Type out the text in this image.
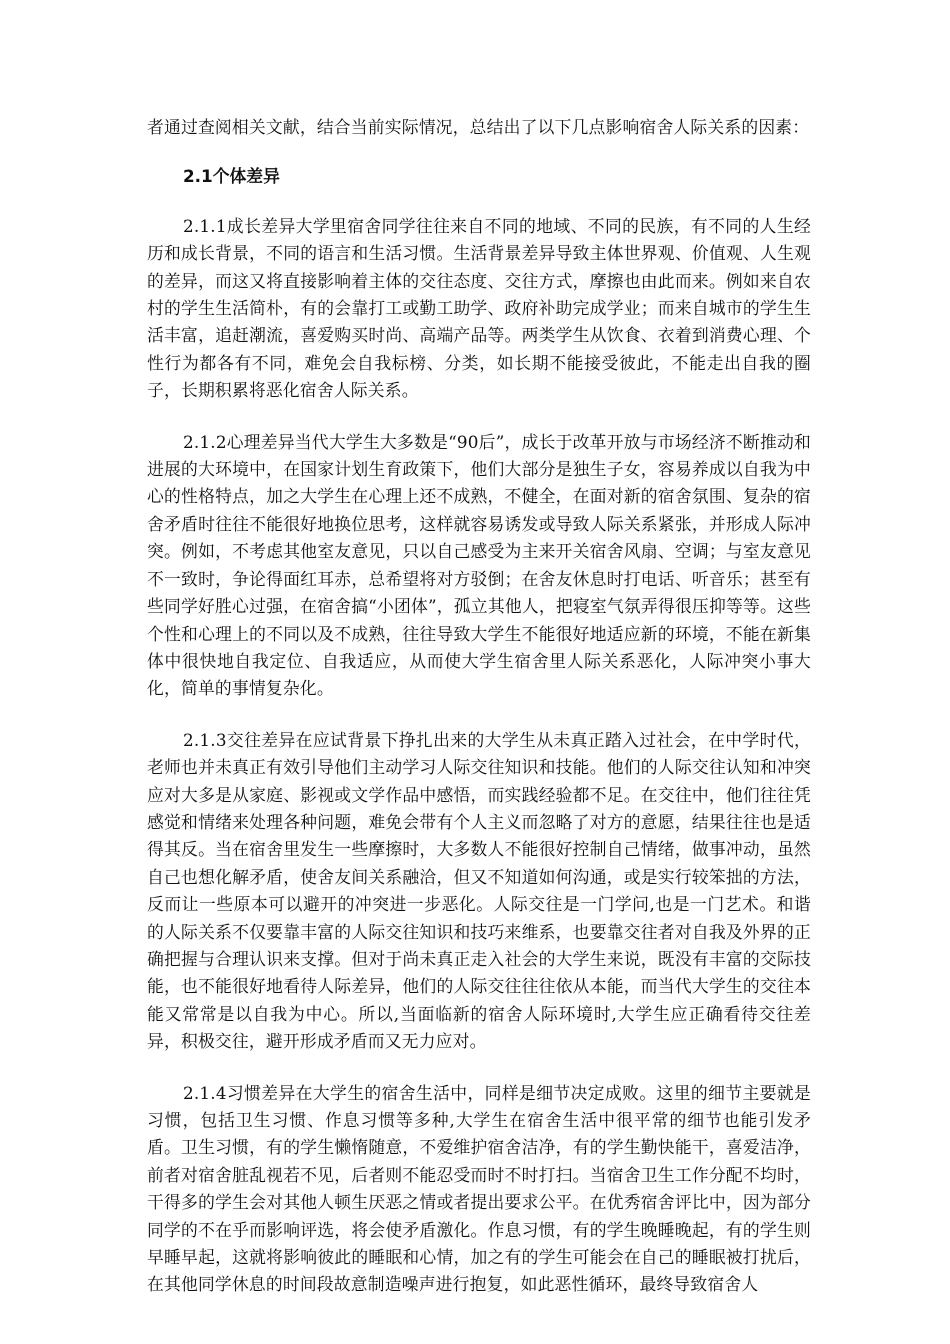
者通过查阅相关文献，结合当前实际情况，总结出了以下几点影响宿舍人际关系的因素：

2.1个体差异

2.1.1成长差异大学里宿舍同学往往来自不同的地域、不同的民族，有不同的人生经历和成长背景，不同的语言和生活习惯。生活背景差异导致主体世界观、价值观、人生观的差异，而这又将直接影响着主体的交往态度、交往方式，摩擦也由此而来。例如来自农村的学生生活简朴，有的会靠打工或勤工助学、政府补助完成学业；而来自城市的学生生活丰富，追赶潮流，喜爱购买时尚、高端产品等。两类学生从饮食、衣着到消费心理、个性行为都各有不同，难免会自我标榜、分类，如长期不能接受彼此，不能走出自我的圈子，长期积累将恶化宿舍人际关系。

2.1.2心理差异当代大学生大多数是“90后”，成长于改革开放与市场经济不断推动和进展的大环境中，在国家计划生育政策下，他们大部分是独生子女，容易养成以自我为中心的性格特点，加之大学生在心理上还不成熟，不健全，在面对新的宿舍氛围、复杂的宿舍矛盾时往往不能很好地换位思考，这样就容易诱发或导致人际关系紧张，并形成人际冲突。例如，不考虑其他室友意见，只以自己感受为主来开关宿舍风扇、空调；与室友意见不一致时，争论得面红耳赤，总希望将对方驳倒；在舍友休息时打电话、听音乐；甚至有些同学好胜心过强，在宿舍搞“小团体”，孤立其他人，把寝室气氛弄得很压抑等等。这些个性和心理上的不同以及不成熟，往往导致大学生不能很好地适应新的环境，不能在新集体中很快地自我定位、自我适应，从而使大学生宿舍里人际关系恶化，人际冲突小事大化，简单的事情复杂化。

2.1.3交往差异在应试背景下挣扎出来的大学生从未真正踏入过社会，在中学时代，老师也并未真正有效引导他们主动学习人际交往知识和技能。他们的人际交往认知和冲突应对大多是从家庭、影视或文学作品中感悟，而实践经验都不足。在交往中，他们往往凭感觉和情绪来处理各种问题，难免会带有个人主义而忽略了对方的意愿，结果往往也是适得其反。当在宿舍里发生一些摩擦时，大多数人不能很好控制自己情绪，做事冲动，虽然自己也想化解矛盾，使舍友间关系融洽，但又不知道如何沟通，或是实行较笨拙的方法，反而让一些原本可以避开的冲突进一步恶化。人际交往是一门学问,也是一门艺术。和谐的人际关系不仅要靠丰富的人际交往知识和技巧来维系，也要靠交往者对自我及外界的正确把握与合理认识来支撑。但对于尚未真正走入社会的大学生来说，既没有丰富的交际技能，也不能很好地看待人际差异，他们的人际交往往往依从本能，而当代大学生的交往本能又常常是以自我为中心。所以,当面临新的宿舍人际环境时,大学生应正确看待交往差异，积极交往，避开形成矛盾而又无力应对。

2.1.4习惯差异在大学生的宿舍生活中，同样是细节决定成败。这里的细节主要就是习惯，包括卫生习惯、作息习惯等多种,大学生在宿舍生活中很平常的细节也能引发矛盾。卫生习惯，有的学生懒惰随意，不爱维护宿舍洁净，有的学生勤快能干，喜爱洁净，前者对宿舍脏乱视若不见，后者则不能忍受而时不时打扫。当宿舍卫生工作分配不均时，干得多的学生会对其他人顿生厌恶之情或者提出要求公平。在优秀宿舍评比中，因为部分同学的不在乎而影响评选，将会使矛盾激化。作息习惯，有的学生晚睡晚起，有的学生则早睡早起，这就将影响彼此的睡眠和心情，加之有的学生可能会在自己的睡眠被打扰后，在其他同学休息的时间段故意制造噪声进行抱复，如此恶性循环，最终导致宿舍人
